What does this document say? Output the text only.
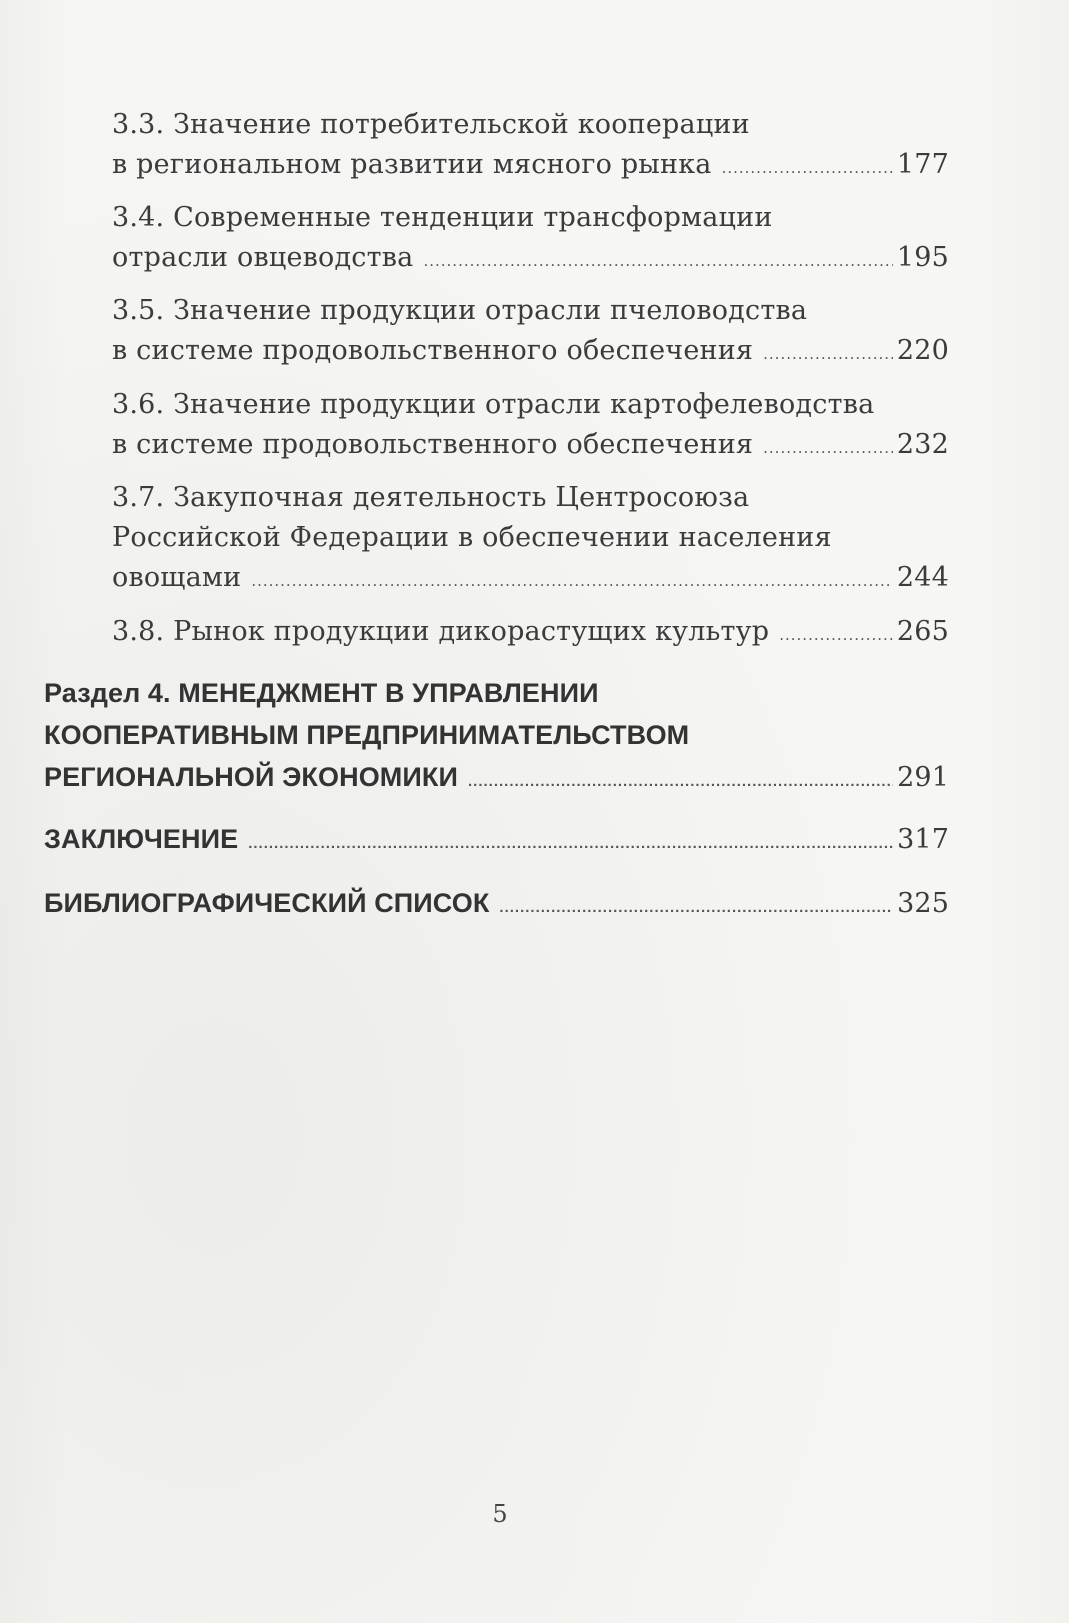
3.3. Значение потребительской кооперации
в региональном развитии мясного рынка .....	177
3.4. Современные тенденции трансформации
отрасли овцеводства .....	195
3.5. Значение продукции отрасли пчеловодства
в системе продовольственного обеспечения .....	220
3.6. Значение продукции отрасли картофелеводства
в системе продовольственного обеспечения .....	232
3.7. Закупочная деятельность Центросоюза
Российской Федерации в обеспечении населения
овощами .....	244
3.8. Рынок продукции дикорастущих культур .....	265
Раздел 4. МЕНЕДЖМЕНТ В УПРАВЛЕНИИ
КООПЕРАТИВНЫМ ПРЕДПРИНИМАТЕЛЬСТВОМ
РЕГИОНАЛЬНОЙ ЭКОНОМИКИ .....	291
ЗАКЛЮЧЕНИЕ .....	317
БИБЛИОГРАФИЧЕСКИЙ СПИСОК .....	325
5
